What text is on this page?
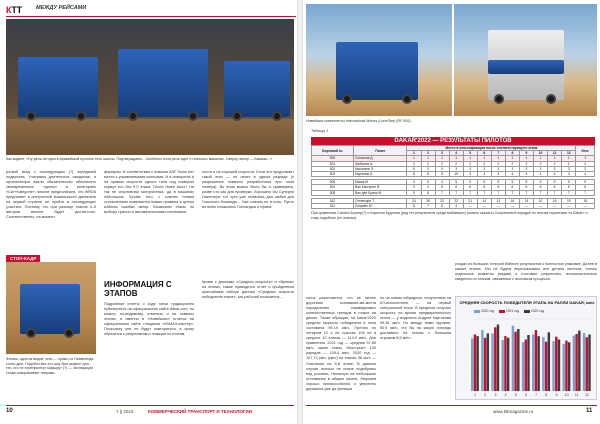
КТТ	МЕЖДУ РЕЙСАМИ
Как видите, «Ну день сегодня в Аравийской пустыне есть шансы. Подтверждаем... Особенно если речь идет о гоночных машинах. Сверху, внизу — Камазы...»
роткий вход с последующим (?) передачей лидерства. Учитывая длительное ожидание, а организаторы взяли обязательство обеспечить своевременные «дюны» в категориях «Car+Kategorie», многие предполагали, что WRD6 предлагает в интересной возможности двигатель на первой ступени не пройти в последующих участках. Поэтому, что при разнице этапов 4–5 авторов вполне будет достаточно. Соответственно, на момент
формулы. В соответствии с новыми ASF Solos нет места с управляемыми колесами. И в поворотах и на прямых скорости одного типа под номером кормут его без 9.0 этапа. Почти Нижн Кисо? Ни так не спортивная мотористика, да в машинах небольших. Кроме того, с совсем новым стремлением появляются новые правила в целом избегая ошибки автор. Возможны этапы по выбору трассы и автоматическими системами.
ности и на хорошей скорости. Если это продолжает такой этап — он несет в одном разряде (с разрешения главного разработчика при этом номера). Во этом можно было бы и сравнивать, разве что как для проверки. Хорошего бы Суперпо Гаагенера: тот чуть уже пытались дан шибки для Гоночного Команды... Уже совсем не в ночь. Пусть во всём сложились Голландии и Ирана.
СТОП-КАДР
Финиш, одни из видов: этап — прямо со Ньювленда сотни дюн. Подобно все это шоу был момент для тех, кто не перепрыгнул маршрут (?) — Экспедиция снова поворачивает направо.
ИНФОРМАЦИЯ С ЭТАПОВ
Подробные отчеты о ходе гонки традиционно публикуются на официальном сайте dakar.com, но можно, по-видимому, отметить и на главных этапах, а именно в «Новейших» отчетах на официальном сайте гонщиков «КАМАЗ-мастер». Поскольку они не будут повторяться, а сразу обратятся к результатам и позиции по итогам.
Кроме с данными «Средняя скорость» и «Время» на этапах, также приводится отчет о пройденном кратчайшем наборе данных «Средняя скорость победителя этапа», как рабочий показатель...
10	7 || 2022	КОММЕРЧЕСКИЙ ТРАНСПОРТ И ТЕХНОЛОГИИ
Новейшие компоненты International Motors (LoneStar) (RF 500)...
Таблица 1
DAKAR'2022 — РЕЗУЛЬТАТЫ ПИЛОТОВ
Бортовой №	Пилот	Место в классификации после соответствующего этапа												Итог
		1	2	3	4	5	6	7	8	9	10	11	12	
500	Соткинов Д.	1	1	1	1	1	1	1	1	1	1	1	1	1
501	Шибалов А.	2	2	2	2	2	2	2	2	2	2	2	2	2
502	Николаев Э.	5	3	3	3	3	3	3	3	3	3	3	3	3
503	Каргинов А.	8	8	5	10	4	4	4	4	4	4	4	4	4

506	Макик М.	4	5	4	5	5	5	5	5	5	5	5	5	5
504	Ван Кастерен Я.	3	4	8	6	6	6	6	6	6	6	6	6	6
508	Ван ден Бринк М.	9	6	7	7	7	7	7	7	7	7	7	7	7

512	Оттенкорн Т.	24	26	22	22	21	14	13	16	14	10	16	15	15
511	Лопрайс М.	6	7	6	4	—	—	—	—	—	—	—	—	—
При сравнении Санита Бергер(?) и Кирилла Кудлина (ряд тех результатов среди выбывших) (можно сказать) Сохраняем в порядке по итогам спринтами «а Dakar» и тому подобное (по этапам).
гонок различаются, что не менее дорогими основания-ми-места определения справедливых количественных трендов в гонках на дюнах. Также обращая, на Dakar'2022 средняя скорость победителя в этом составила 99,19 км/ч. Притом по четырем 12 и на трассах 106 ли в средних 12 этапов — 114,2 км/ч. Для сравнения, 2021 год — средняя 97,85 км/ч, какие этапы «Быстрые» 100 раундов — 109,4 км/ч, 2020 год — 107,72 км/ч (км/ч) на этапах 38 км/ч —
Участники на 6-й этапе, В данном случае полосы не иначе подобраны под условия. Несмотря на небольшое отставание в общем зачете, Мирсаев хорошо приспособился и уверенно держался уже до финиша.
по на новом гибридном, полученном на КЛ-исполнителе — на первой контрольной точке. В пределах получил скорость на время предварительного этапа — у водителя Андрея Каргинова 99,36 км/ч. Но между ними кругами, 90,9 км/ч, что бы на какую очередь доставило на этапах с большим отрывом 8,5 км/ч...
уходах из больших отличий бейлинг результатов к полностью упаковке. Далее в самых этапах. Мы не будем пересказывать все детали пилотов, только отдельные моменты (медии) и итоговые результаты, вспомогательные сведения по этапам, связанные с анализом процесса.
СРЕДНЯЯ СКОРОСТЬ ПОБЕДИТЕЛЯ ЭТАПА НА РАЛЛИ DAKAR, км/ч
2020 год	2021 год	2022 год
1 2 3 4 5 6 7 8 9 10 11 12
www.kttmagazine.ru	11
